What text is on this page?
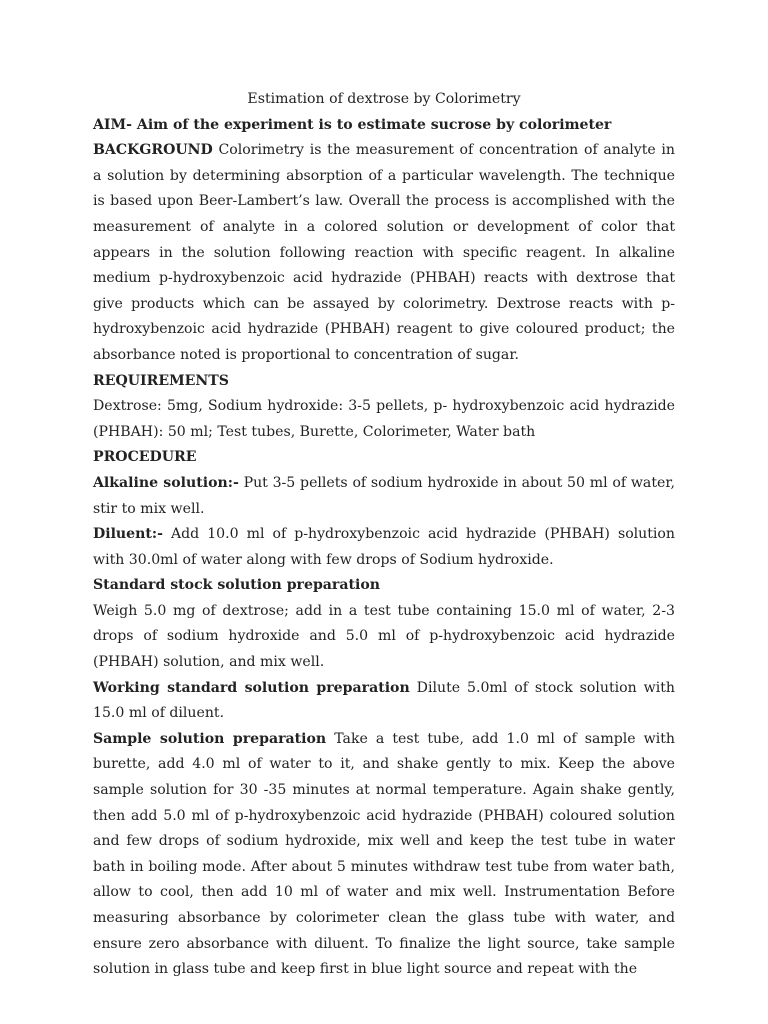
Estimation of dextrose by Colorimetry

AIM- Aim of the experiment is to estimate sucrose by colorimeter

BACKGROUND Colorimetry is the measurement of concentration of analyte in a solution by determining absorption of a particular wavelength. The technique is based upon Beer-Lambert’s law. Overall the process is accomplished with the measurement of analyte in a colored solution or development of color that appears in the solution following reaction with specific reagent. In alkaline medium p-hydroxybenzoic acid hydrazide (PHBAH) reacts with dextrose that give products which can be assayed by colorimetry. Dextrose reacts with p-hydroxybenzoic acid hydrazide (PHBAH) reagent to give coloured product; the absorbance noted is proportional to concentration of sugar.

REQUIREMENTS

Dextrose: 5mg, Sodium hydroxide: 3-5 pellets, p- hydroxybenzoic acid hydrazide (PHBAH): 50 ml; Test tubes, Burette, Colorimeter, Water bath

PROCEDURE

Alkaline solution:- Put 3-5 pellets of sodium hydroxide in about 50 ml of water, stir to mix well.

Diluent:- Add 10.0 ml of p-hydroxybenzoic acid hydrazide (PHBAH) solution with 30.0ml of water along with few drops of Sodium hydroxide.

Standard stock solution preparation

Weigh 5.0 mg of dextrose; add in a test tube containing 15.0 ml of water, 2-3 drops of sodium hydroxide and 5.0 ml of p-hydroxybenzoic acid hydrazide (PHBAH) solution, and mix well.

Working standard solution preparation Dilute 5.0ml of stock solution with 15.0 ml of diluent.

Sample solution preparation Take a test tube, add 1.0 ml of sample with burette, add 4.0 ml of water to it, and shake gently to mix. Keep the above sample solution for 30 -35 minutes at normal temperature. Again shake gently, then add 5.0 ml of p-hydroxybenzoic acid hydrazide (PHBAH) coloured solution and few drops of sodium hydroxide, mix well and keep the test tube in water bath in boiling mode. After about 5 minutes withdraw test tube from water bath, allow to cool, then add 10 ml of water and mix well. Instrumentation Before measuring absorbance by colorimeter clean the glass tube with water, and ensure zero absorbance with diluent. To finalize the light source, take sample solution in glass tube and keep first in blue light source and repeat with the
